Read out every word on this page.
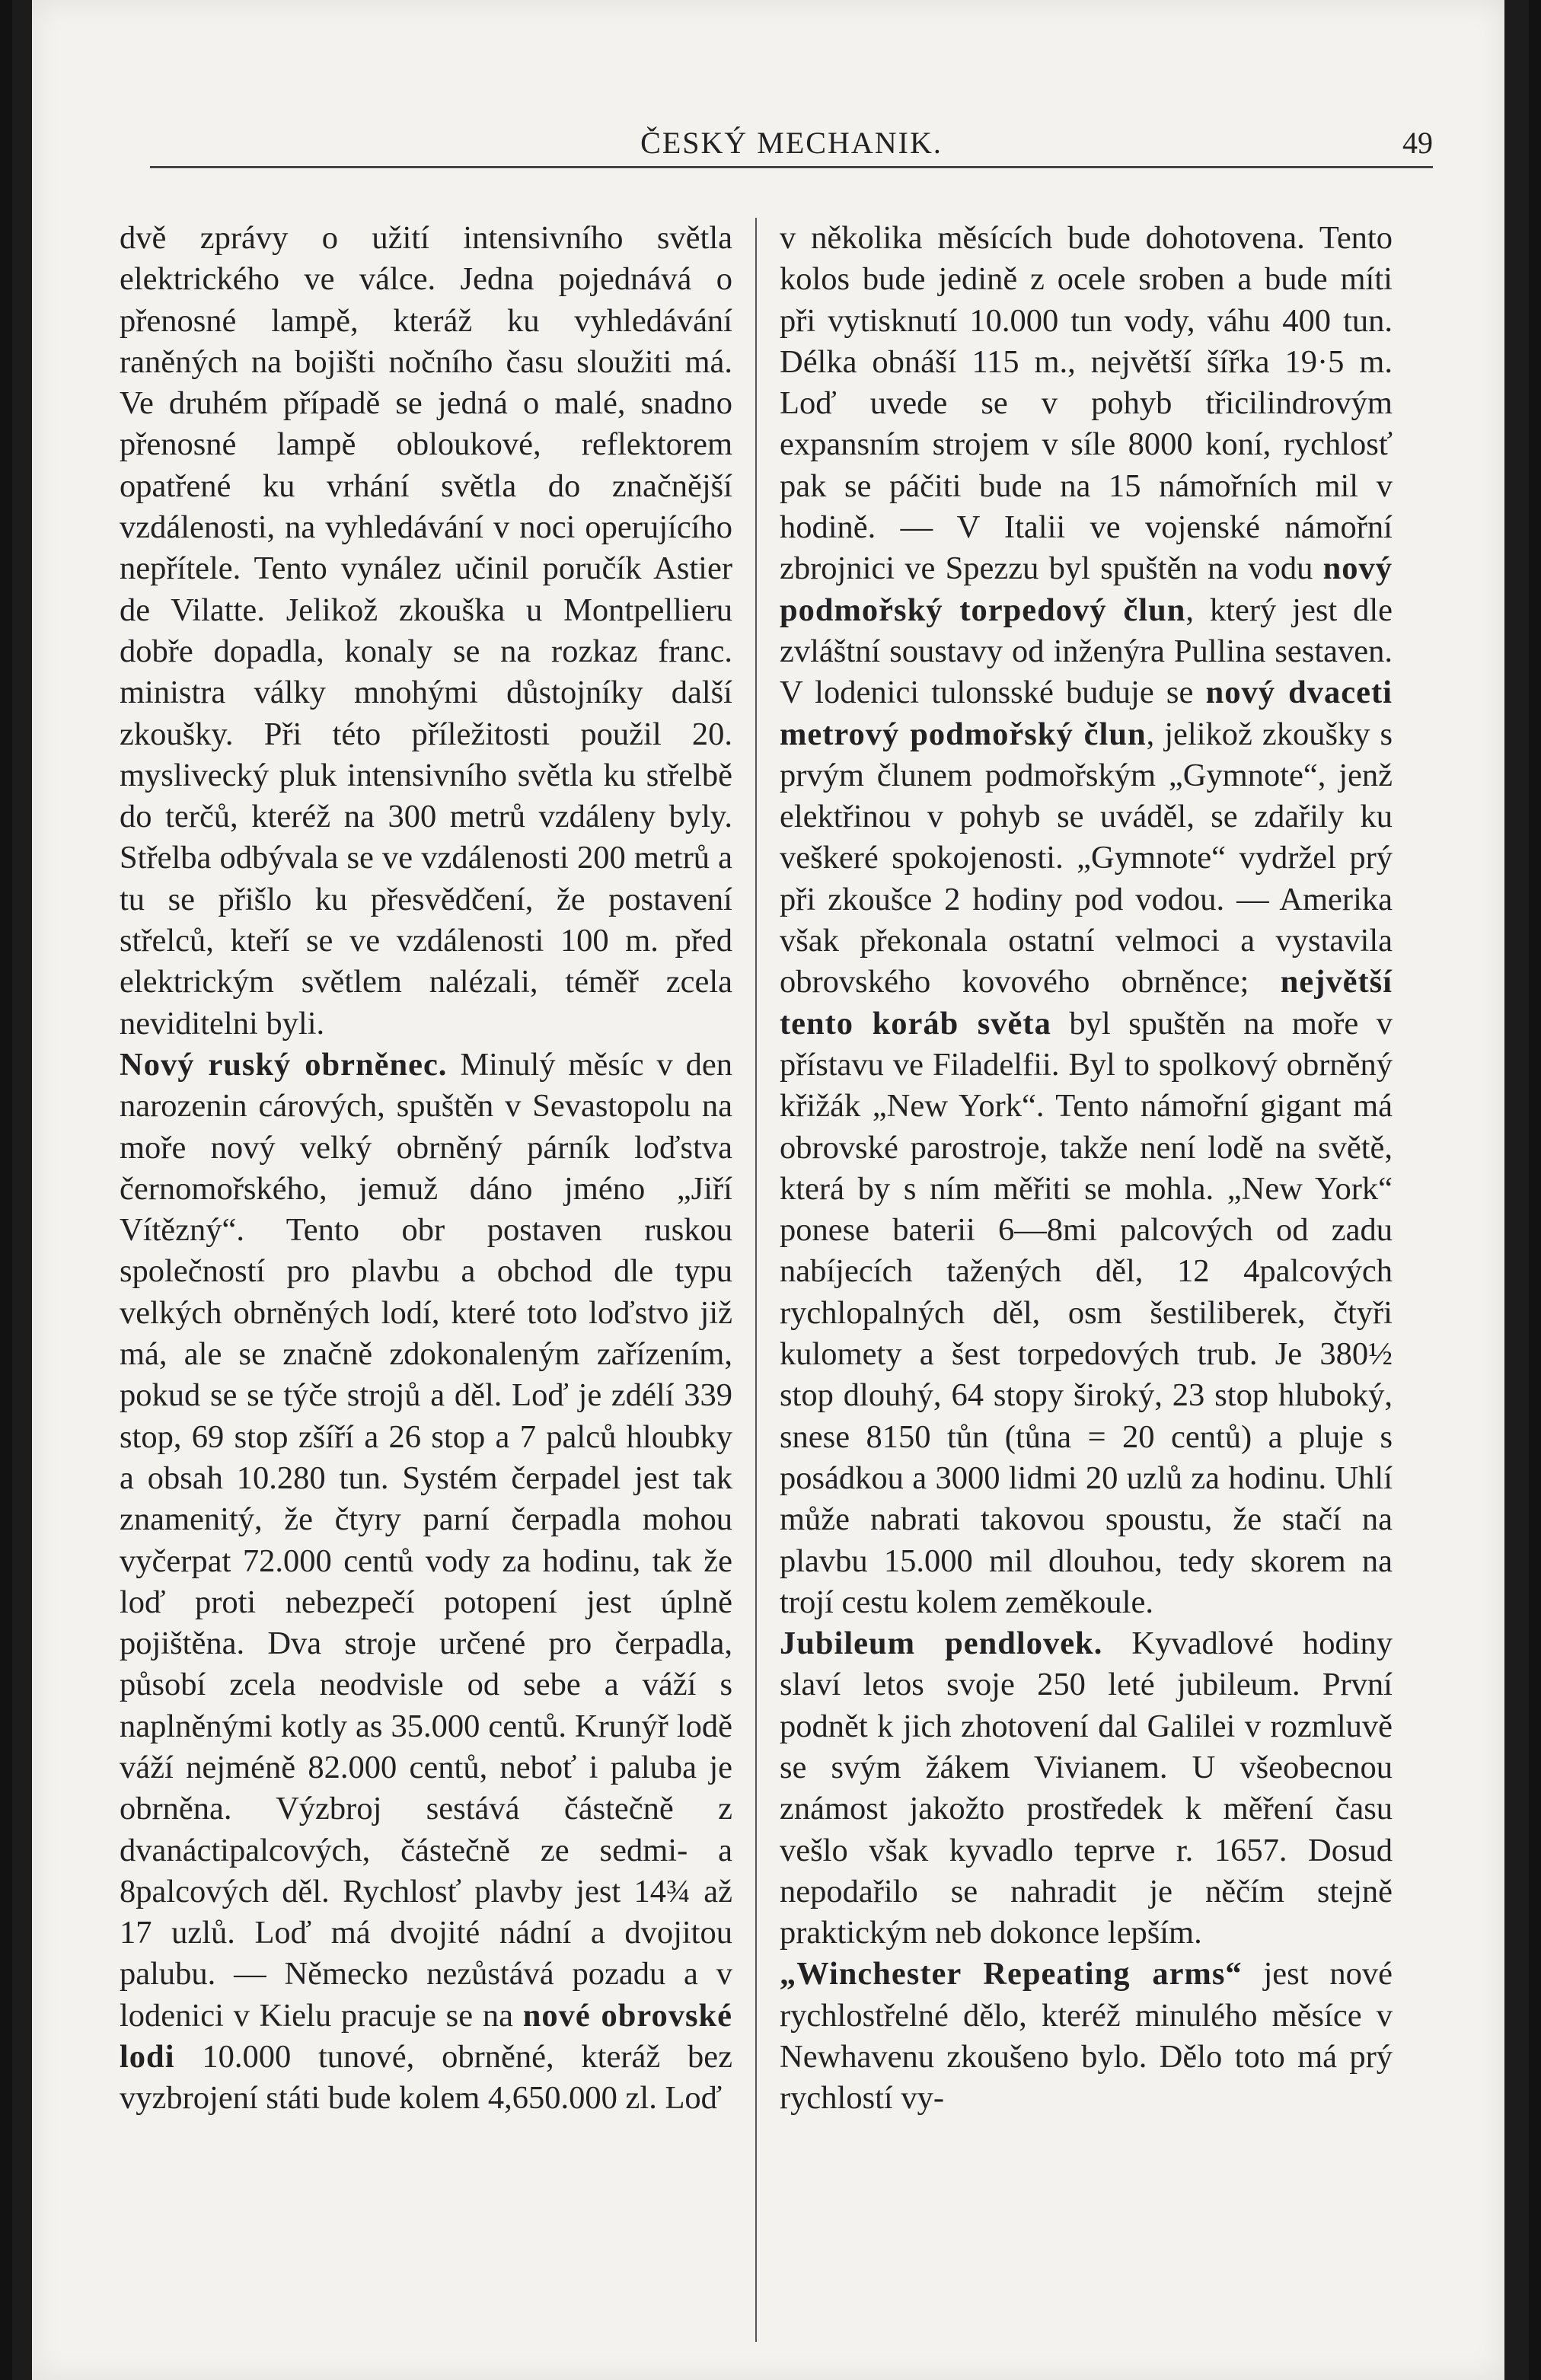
ČESKÝ MECHANIK.	49

dvě zprávy o užití intensivního světla elektrického ve válce. Jedna pojednává o přenosné lampě, kteráž ku vyhledávání raněných na bojišti nočního času sloužiti má. Ve druhém případě se jedná o malé, snadno přenosné lampě obloukové, reflektorem opatřené ku vrhání světla do značnější vzdálenosti, na vyhledávání v noci operujícího nepřítele. Tento vynález učinil poručík Astier de Vilatte. Jelikož zkouška u Montpellieru dobře dopadla, konaly se na rozkaz franc. ministra války mnohými důstojníky další zkoušky. Při této příležitosti použil 20. myslivecký pluk intensivního světla ku střelbě do terčů, kteréž na 300 metrů vzdáleny byly. Střelba odbývala se ve vzdálenosti 200 metrů a tu se přišlo ku přesvědčení, že postavení střelců, kteří se ve vzdálenosti 100 m. před elektrickým světlem nalézali, téměř zcela neviditelni byli.

Nový ruský obrněnec. Minulý měsíc v den narozenin cárových, spuštěn v Sevastopolu na moře nový velký obrněný párník loďstva černomořského, jemuž dáno jméno „Jiří Vítězný“. Tento obr postaven ruskou společností pro plavbu a obchod dle typu velkých obrněných lodí, které toto loďstvo již má, ale se značně zdokonaleným zařízením, pokud se se týče strojů a děl. Loď je zdélí 339 stop, 69 stop zšíří a 26 stop a 7 palců hloubky a obsah 10.280 tun. Systém čerpadel jest tak znamenitý, že čtyry parní čerpadla mohou vyčerpat 72.000 centů vody za hodinu, tak že loď proti nebezpečí potopení jest úplně pojištěna. Dva stroje určené pro čerpadla, působí zcela neodvisle od sebe a váží s naplněnými kotly as 35.000 centů. Krunýř lodě váží nejméně 82.000 centů, neboť i paluba je obrněna. Výzbroj sestává částečně z dvanáctipalcových, částečně ze sedmi- a 8palcových děl. Rychlosť plavby jest 14¾ až 17 uzlů. Loď má dvojité nádní a dvojitou palubu. — Německo nezůstává pozadu a v lodenici v Kielu pracuje se na nové obrovské lodi 10.000 tunové, obrněné, kteráž bez vyzbrojení státi bude kolem 4,650.000 zl. Loď

v několika měsících bude dohotovena. Tento kolos bude jedině z ocele sroben a bude míti při vytisknutí 10.000 tun vody, váhu 400 tun. Délka obnáší 115 m., největší šířka 19·5 m. Loď uvede se v pohyb třicilindrovým expansním strojem v síle 8000 koní, rychlosť pak se páčiti bude na 15 námořních mil v hodině. — V Italii ve vojenské námořní zbrojnici ve Spezzu byl spuštěn na vodu nový podmořský torpedový člun, který jest dle zvláštní soustavy od inženýra Pullina sestaven. V lodenici tulonsské buduje se nový dvaceti metrový podmořský člun, jelikož zkoušky s prvým člunem podmořským „Gymnote“, jenž elektřinou v pohyb se uváděl, se zdařily ku veškeré spokojenosti. „Gymnote“ vydržel prý při zkoušce 2 hodiny pod vodou. — Amerika však překonala ostatní velmoci a vystavila obrovského kovového obrněnce; největší tento koráb světa byl spuštěn na moře v přístavu ve Filadelfii. Byl to spolkový obrněný křižák „New York“. Tento námořní gigant má obrovské parostroje, takže není lodě na světě, která by s ním měřiti se mohla. „New York“ ponese baterii 6—8mi palcových od zadu nabíjecích tažených děl, 12 4palcových rychlopalných děl, osm šestiliberek, čtyři kulomety a šest torpedových trub. Je 380½ stop dlouhý, 64 stopy široký, 23 stop hluboký, snese 8150 tůn (tůna = 20 centů) a pluje s posádkou a 3000 lidmi 20 uzlů za hodinu. Uhlí může nabrati takovou spoustu, že stačí na plavbu 15.000 mil dlouhou, tedy skorem na trojí cestu kolem zeměkoule.

Jubileum pendlovek. Kyvadlové hodiny slaví letos svoje 250 leté jubileum. První podnět k jich zhotovení dal Galilei v rozmluvě se svým žákem Vivianem. U všeobecnou známost jakožto prostředek k měření času vešlo však kyvadlo teprve r. 1657. Dosud nepodařilo se nahradit je něčím stejně praktickým neb dokonce lepším.

„Winchester Repeating arms“ jest nové rychlostřelné dělo, kteréž minulého měsíce v Newhavenu zkoušeno bylo. Dělo toto má prý rychlostí vy-
